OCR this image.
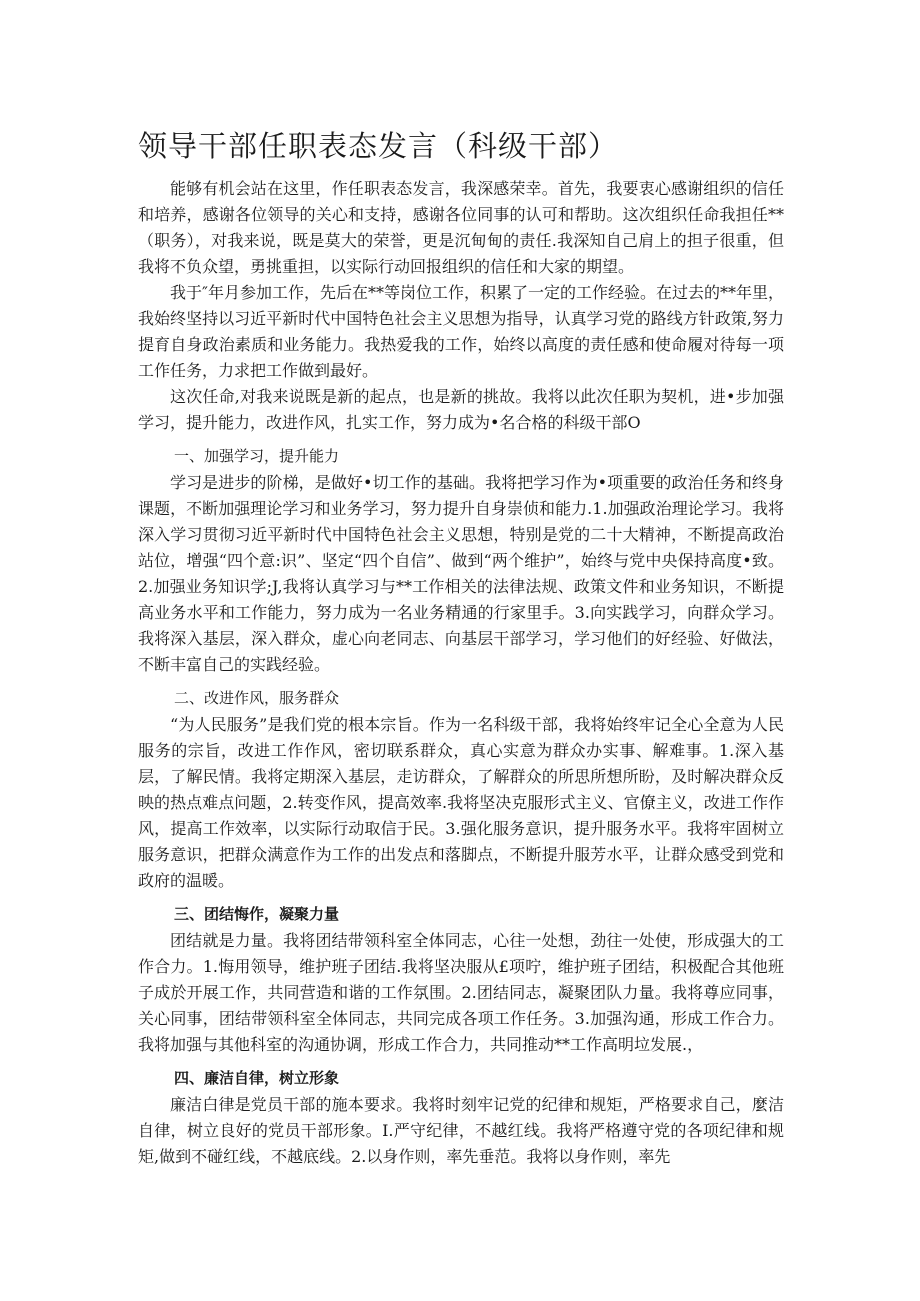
领导干部任职表态发言（科级干部）

能够有机会站在这里，作任职表态发言，我深感荣幸。首先，我要衷心感谢组织的信任和培养，感谢各位领导的关心和支持，感谢各位同事的认可和帮助。这次组织任命我担任**（职务），对我来说，既是莫大的荣誉，更是沉甸甸的责任.我深知自己肩上的担子很重，但我将不负众望，勇挑重担，以实际行动回报组织的信任和大家的期望。

我于″年月参加工作，先后在**等岗位工作，积累了一定的工作经验。在过去的**年里，我始终坚持以习近平新时代中国特色社会主义思想为指导，认真学习党的路线方针政策,努力提育自身政治素质和业务能力。我热爱我的工作，始终以高度的责任感和使命履对待每一项工作任务，力求把工作做到最好。

这次任命,对我来说既是新的起点，也是新的挑故。我将以此次任职为契机，进•步加强学习，提升能力，改进作风，扎实工作，努力成为•名合格的科级干部O

一、加强学习，提升能力

学习是进步的阶梯，是做好•切工作的基础。我将把学习作为•项重要的政治任务和终身课题，不断加强理论学习和业务学习，努力提升自身崇侦和能力.1.加强政治理论学习。我将深入学习贯彻习近平新时代中国特色社会主义思想，特别是党的二十大精神，不断提高政治站位，增强“四个意:识”、坚定“四个自信”、做到“两个维护”，始终与党中央保持高度•致。2.加强业务知识学;J,我将认真学习与**工作相关的法律法规、政策文件和业务知识，不断提高业务水平和工作能力，努力成为一名业务精通的行家里手。3.向实践学习，向群众学习。我将深入基层，深入群众，虚心向老同志、向基层干部学习，学习他们的好经验、好做法，不断丰富自己的实践经验。

二、改进作风，服务群众

“为人民服务”是我们党的根本宗旨。作为一名科级干部，我将始终牢记全心全意为人民服务的宗旨，改进工作作风，密切联系群众，真心实意为群众办实事、解难事。1.深入基层，了解民情。我将定期深入基层，走访群众，了解群众的所思所想所盼，及时解决群众反映的热点难点问题，2.转变作风，提高效率.我将坚决克服形式主义、官僚主义，改进工作作风，提高工作效率，以实际行动取信于民。3.强化服务意识，提升服务水平。我将牢固树立服务意识，把群众满意作为工作的出发点和落脚点，不断提升服芳水平，让群众感受到党和政府的温暖。

三、团结悔作，凝聚力量

团结就是力量。我将团结带领科室全体同志，心往一处想，劲往一处使，形成强大的工作合力。1.悔用领导，维护班子团结.我将坚决服从£项咛，维护班子团结，积极配合其他班子成於开展工作，共同营造和谐的工作氛围。2.团结同志，凝聚团队力量。我将尊应同事，关心同事，团结带领科室全体同志，共同完成各项工作任务。3.加强沟通，形成工作合力。我将加强与其他科室的沟通协调，形成工作合力，共同推动**工作高明垃发展.，

四、廉洁自律，树立形象

廉洁白律是党员干部的施本要求。我将时刻牢记党的纪律和规矩，严格要求自己，麼洁自律，树立良好的党员干部形象。I.严守纪律，不越红线。我将严格遵守党的各项纪律和规矩,做到不碰红线，不越底线。2.以身作则，率先垂范。我将以身作则，率先
